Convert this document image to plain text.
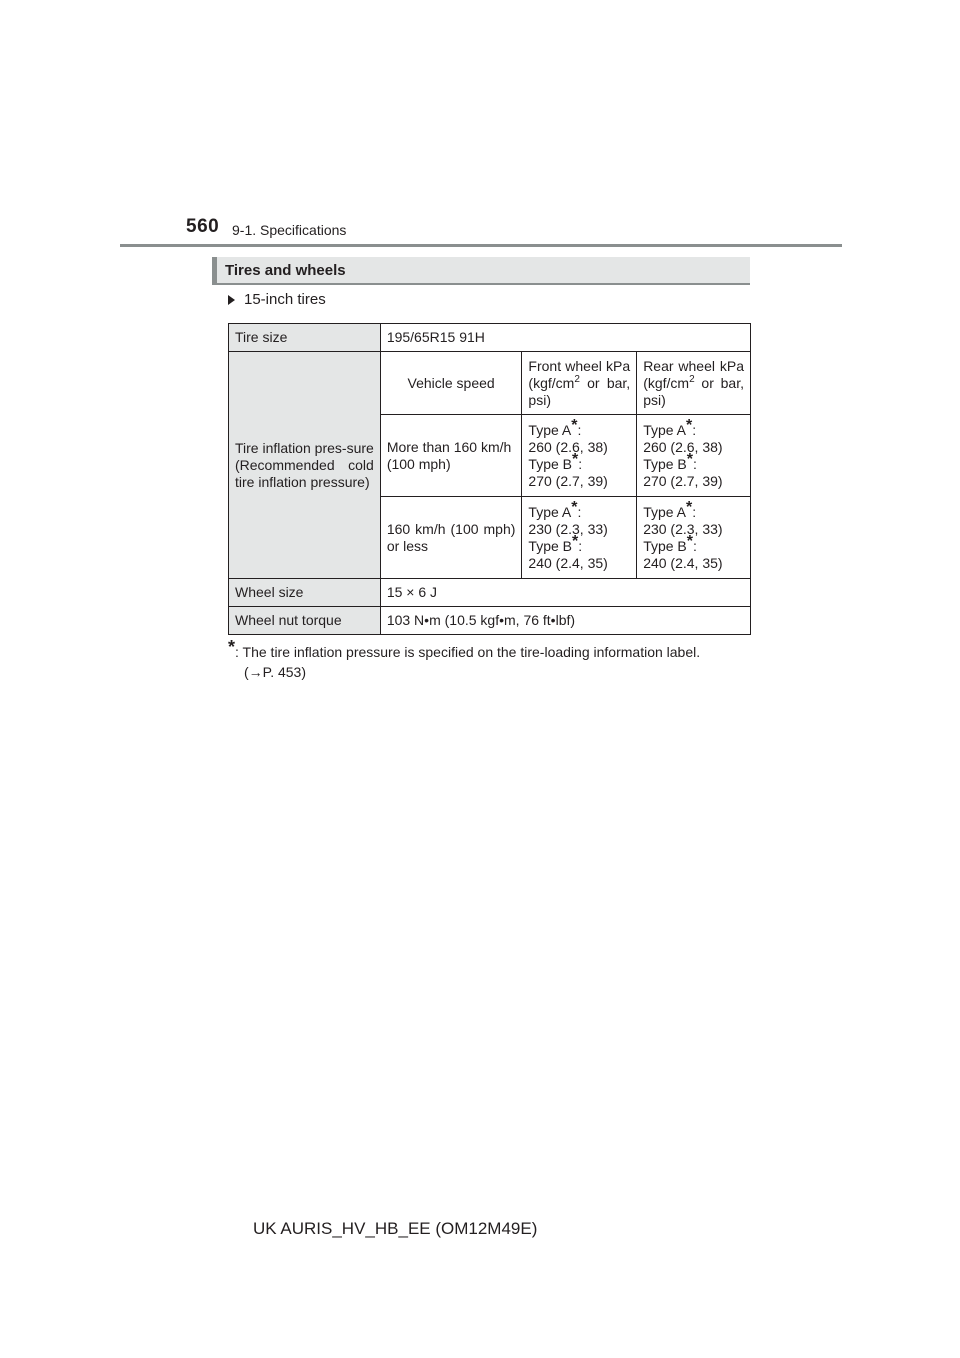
560 9-1. Specifications
Tires and wheels
15-inch tires
Tire size	195/65R15 91H		
Tire inflation pres-sure (Recommended cold tire inflation pressure)	Vehicle speed	Front wheel kPa ($kgf/cm^2$ or bar, psi)	Rear wheel kPa ($kgf/cm^2$ or bar, psi)
	More than 160 km/h (100 mph)	Type A*:
260 (2.6, 38)
Type B*:
270 (2.7, 39)	Type A*:
260 (2.6, 38)
Type B*:
270 (2.7, 39)
	160 km/h (100 mph) or less	Type A*:
230 (2.3, 33)
Type B*:
240 (2.4, 35)	Type A*:
230 (2.3, 33)
Type B*:
240 (2.4, 35)
Wheel size	15 × 6 J		
Wheel nut torque	103 N•m (10.5 kgf•m, 76 ft•lbf)		
*: The tire inflation pressure is specified on the tire-loading information label.
(→P. 453)
UK AURIS_HV_HB_EE (OM12M49E)
